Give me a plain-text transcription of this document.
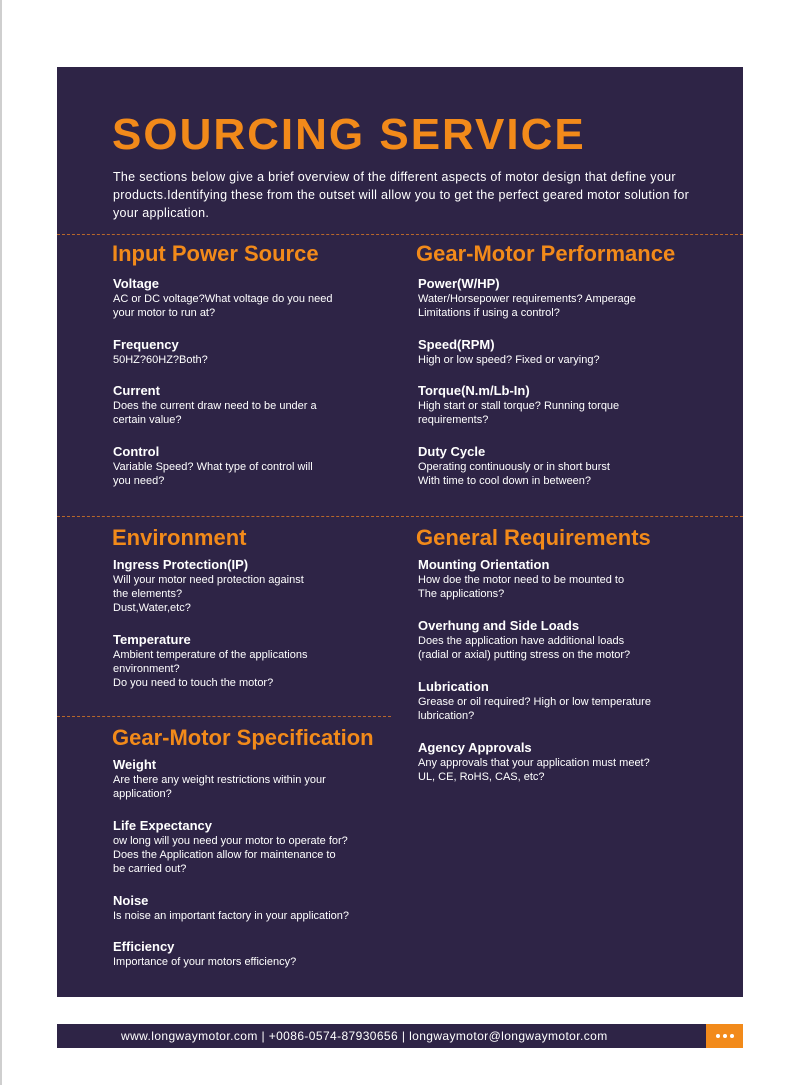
SOURCING SERVICE

The sections below give a brief overview of the different aspects of motor design that define your products.Identifying these from the outset will allow you to get the perfect geared motor solution for your application.

Input Power Source
Voltage
AC or DC voltage?What voltage do you need
your motor to run at?
Frequency
50HZ?60HZ?Both?
Current
Does the current draw need to be under a
certain value?
Control
Variable Speed? What type of control will
you need?
Gear-Motor Performance
Power(W/HP)
Water/Horsepower requirements? Amperage
Limitations if using a control?
Speed(RPM)
High or low speed? Fixed or varying?
Torque(N.m/Lb-In)
High start or stall torque? Running torque
requirements?
Duty Cycle
Operating continuously or in short burst
With time to cool down in between?
Environment
Ingress Protection(IP)
Will your motor need protection against
the elements?
Dust,Water,etc?
Temperature
Ambient temperature of the applications
environment?
Do you need to touch the motor?
Gear-Motor Specification
Weight
Are there any weight restrictions within your
application?
Life Expectancy
ow long will you need your motor to operate for?
Does the Application allow for maintenance to
be carried out?
Noise
Is noise an important factory in your application?
Efficiency
Importance of your motors efficiency?
General Requirements
Mounting Orientation
How doe the motor need to be mounted to
The applications?
Overhung and Side Loads
Does the application have additional loads
(radial or axial) putting stress on the motor?
Lubrication
Grease or oil required? High or low temperature
lubrication?
Agency Approvals
Any approvals that your application must meet?
UL, CE, RoHS, CAS, etc?
www.longwaymotor.com | +0086-0574-87930656 | longwaymotor@longwaymotor.com
